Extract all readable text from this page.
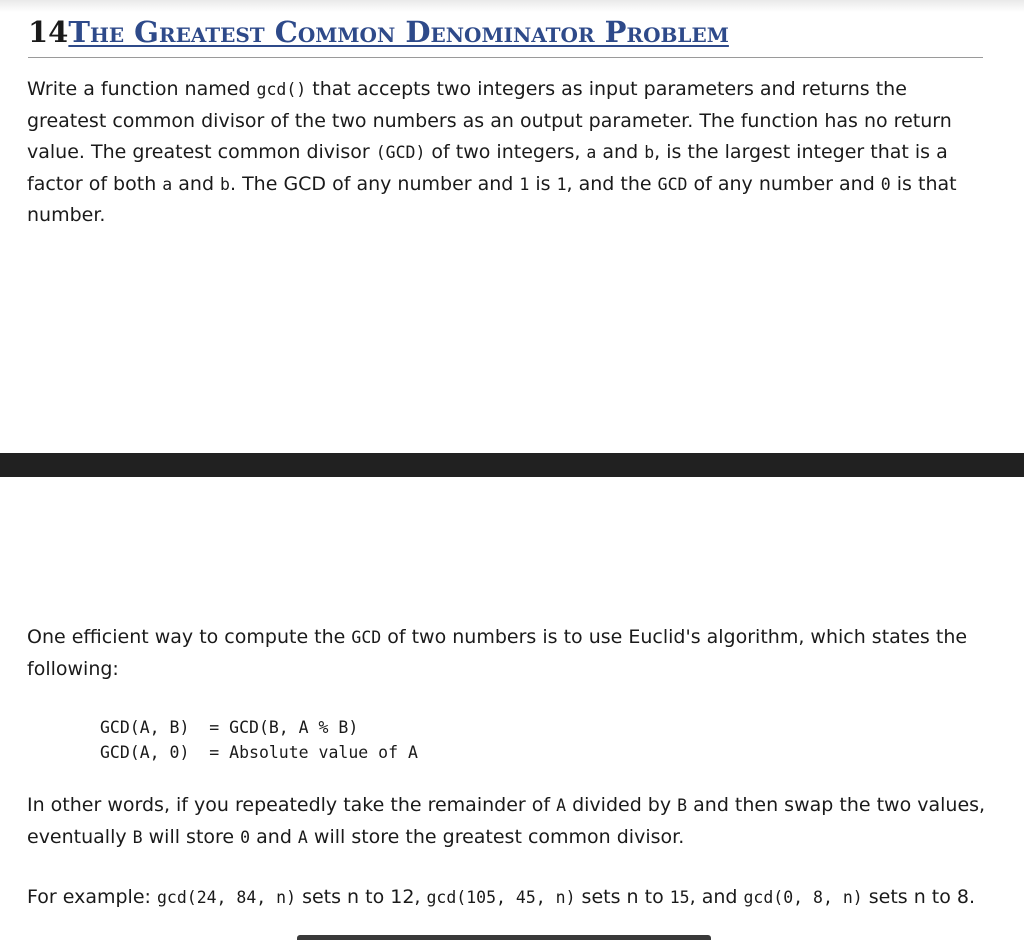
14The Greatest Common Denominator Problem

Write a function named gcd() that accepts two integers as input parameters and returns the greatest common divisor of the two numbers as an output parameter. The function has no return value. The greatest common divisor (GCD) of two integers, a and b, is the largest integer that is a factor of both a and b. The GCD of any number and 1 is 1, and the GCD of any number and 0 is that number.

One efficient way to compute the GCD of two numbers is to use Euclid's algorithm, which states the following:

GCD(A, B)  = GCD(B, A % B)
GCD(A, 0)  = Absolute value of A

In other words, if you repeatedly take the remainder of A divided by B and then swap the two values, eventually B will store 0 and A will store the greatest common divisor.

For example: gcd(24, 84, n) sets n to 12, gcd(105, 45, n) sets n to 15, and gcd(0, 8, n) sets n to 8.
